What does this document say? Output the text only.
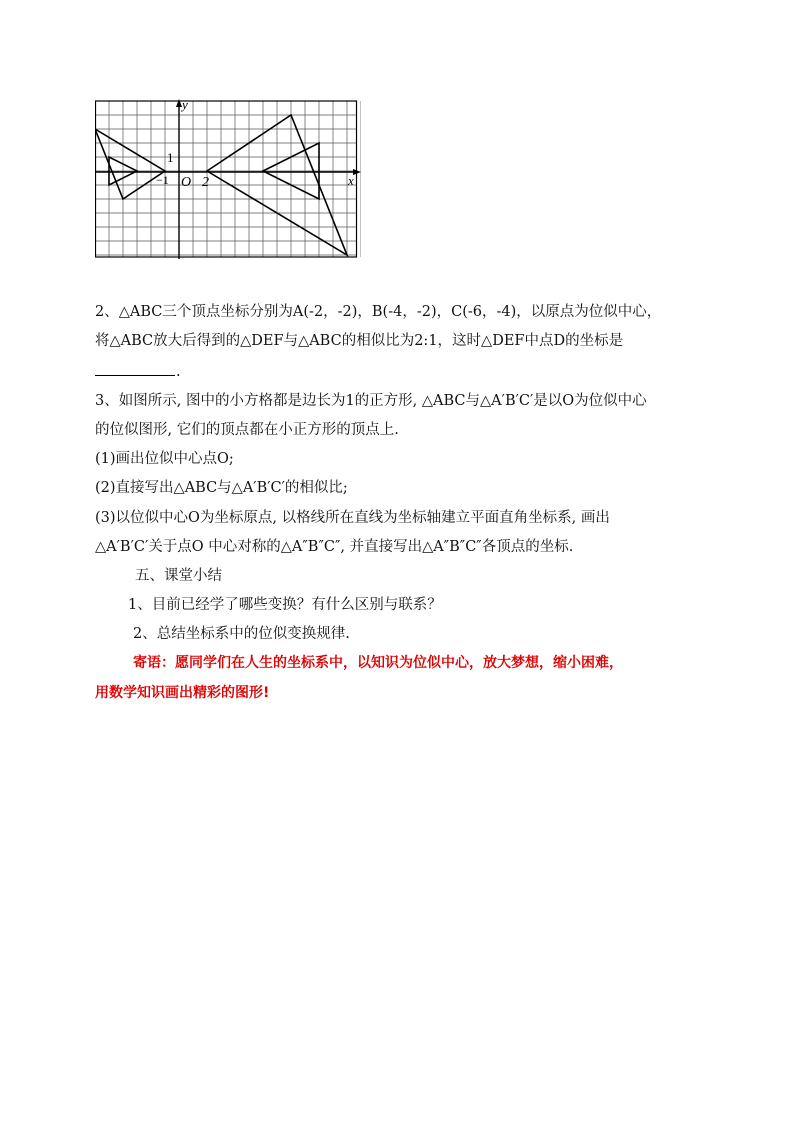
y
x
1
−1 O 2
2、△ABC三个顶点坐标分别为A(-2，-2)，B(-4，-2)，C(-6，-4)，以原点为位似中心，
将△ABC放大后得到的△DEF与△ABC的相似比为2:1，这时△DEF中点D的坐标是
.
3、如图所示, 图中的小方格都是边长为1的正方形, △ABC与△A′B′C′是以O为位似中心
的位似图形, 它们的顶点都在小正方形的顶点上.
(1)画出位似中心点O;
(2)直接写出△ABC与△A′B′C′的相似比;
(3)以位似中心O为坐标原点, 以格线所在直线为坐标轴建立平面直角坐标系, 画出
△A′B′C′关于点O 中心对称的△A″B″C″, 并直接写出△A″B″C″各顶点的坐标.
五、课堂小结
1、目前已经学了哪些变换？有什么区别与联系？
2、总结坐标系中的位似变换规律.
寄语：愿同学们在人生的坐标系中，以知识为位似中心，放大梦想，缩小困难，
用数学知识画出精彩的图形!
